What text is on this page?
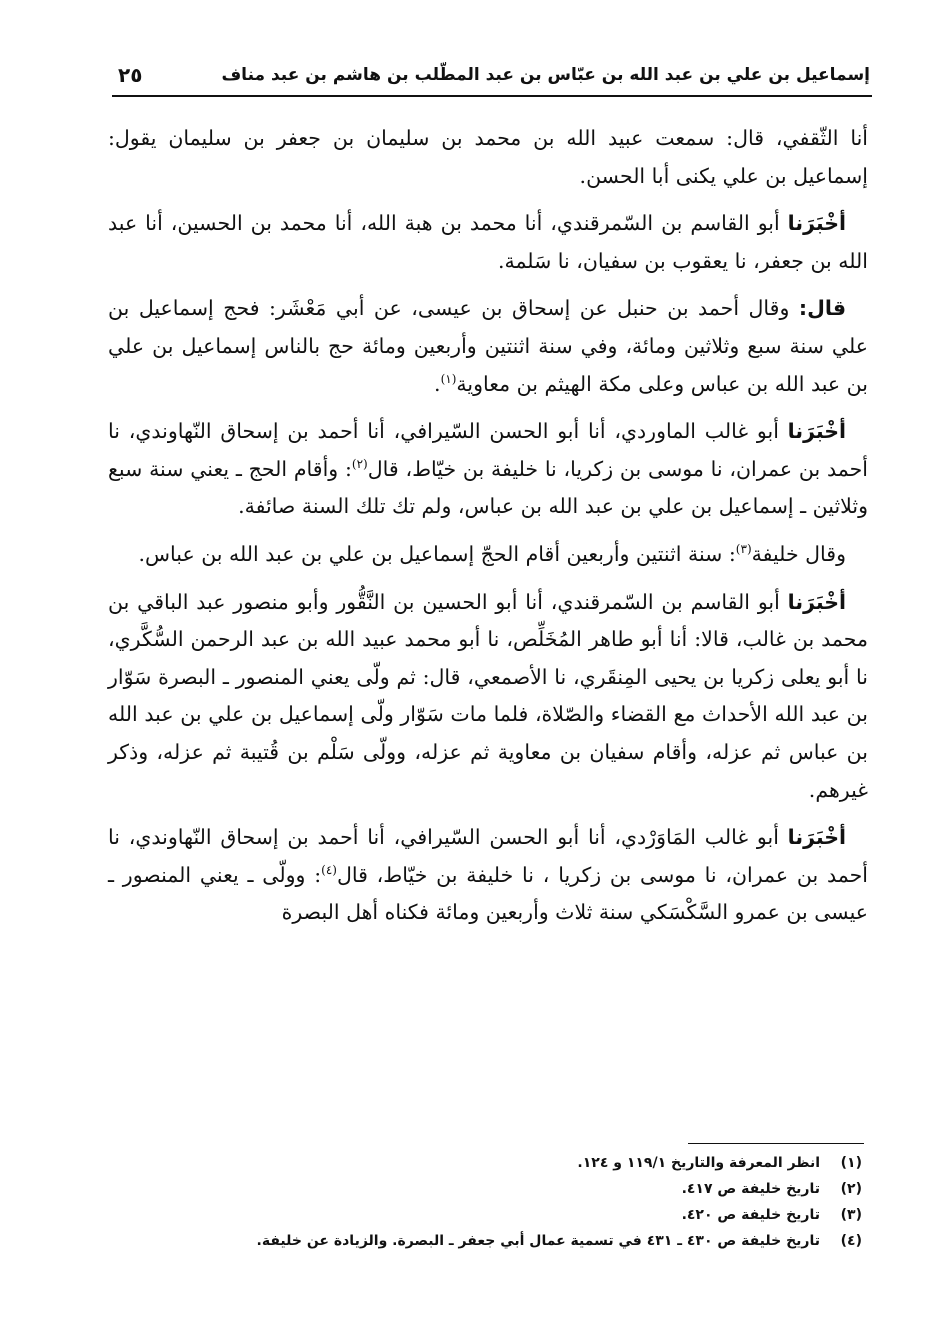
إسماعيل بن علي بن عبد الله بن عبّاس بن عبد المطّلب بن هاشم بن عبد مناف
٢٥

أنا الثّقفي، قال: سمعت عبيد الله بن محمد بن سليمان بن جعفر بن سليمان يقول: إسماعيل بن علي يكنى أبا الحسن.

أخْبَرَنا أبو القاسم بن السّمرقندي، أنا محمد بن هبة الله، أنا محمد بن الحسين، أنا عبد الله بن جعفر، نا يعقوب بن سفيان، نا سَلمة.

قال: وقال أحمد بن حنبل عن إسحاق بن عيسى، عن أبي مَعْشَر: فحج إسماعيل بن علي سنة سبع وثلاثين ومائة، وفي سنة اثنتين وأربعين ومائة حج بالناس إسماعيل بن علي بن عبد الله بن عباس وعلى مكة الهيثم بن معاوية$^{(١)}$.

أخْبَرَنا أبو غالب الماوردي، أنا أبو الحسن السّيرافي، أنا أحمد بن إسحاق النّهاوندي، نا أحمد بن عمران، نا موسى بن زكريا، نا خليفة بن خيّاط، قال$^{(٢)}$: وأقام الحج ـ يعني سنة سبع وثلاثين ـ إسماعيل بن علي بن عبد الله بن عباس، ولم تك تلك السنة صائفة.

وقال خليفة$^{(٣)}$: سنة اثنتين وأربعين أقام الحجّ إسماعيل بن علي بن عبد الله بن عباس.

أخْبَرَنا أبو القاسم بن السّمرقندي، أنا أبو الحسين بن النَّقُّور وأبو منصور عبد الباقي بن محمد بن غالب، قالا: أنا أبو طاهر المُخَلِّص، نا أبو محمد عبيد الله بن عبد الرحمن السُّكَّري، نا أبو يعلى زكريا بن يحيى المِنقَري، نا الأصمعي، قال: ثم ولّى يعني المنصور ـ البصرة سَوّار بن عبد الله الأحداث مع القضاء والصّلاة، فلما مات سَوّار ولّى إسماعيل بن علي بن عبد الله بن عباس ثم عزله، وأقام سفيان بن معاوية ثم عزله، وولّى سَلْم بن قُتيبة ثم عزله، وذكر غيرهم.

أخْبَرَنا أبو غالب المَاوَرْدي، أنا أبو الحسن السّيرافي، أنا أحمد بن إسحاق النّهاوندي، نا أحمد بن عمران، نا موسى بن زكريا ، نا خليفة بن خيّاط، قال$^{(٤)}$: وولّى ـ يعني المنصور ـ عيسى بن عمرو السَّكْسَكي سنة ثلاث وأربعين ومائة فكناه أهل البصرة

(١)
انظر المعرفة والتاريخ ١١٩/١ و ١٢٤.
(٢)
تاريخ خليفة ص ٤١٧.
(٣)
تاريخ خليفة ص ٤٢٠.
(٤)
تاريخ خليفة ص ٤٣٠ ـ ٤٣١ في تسمية عمال أبي جعفر ـ البصرة. والزيادة عن خليفة.
